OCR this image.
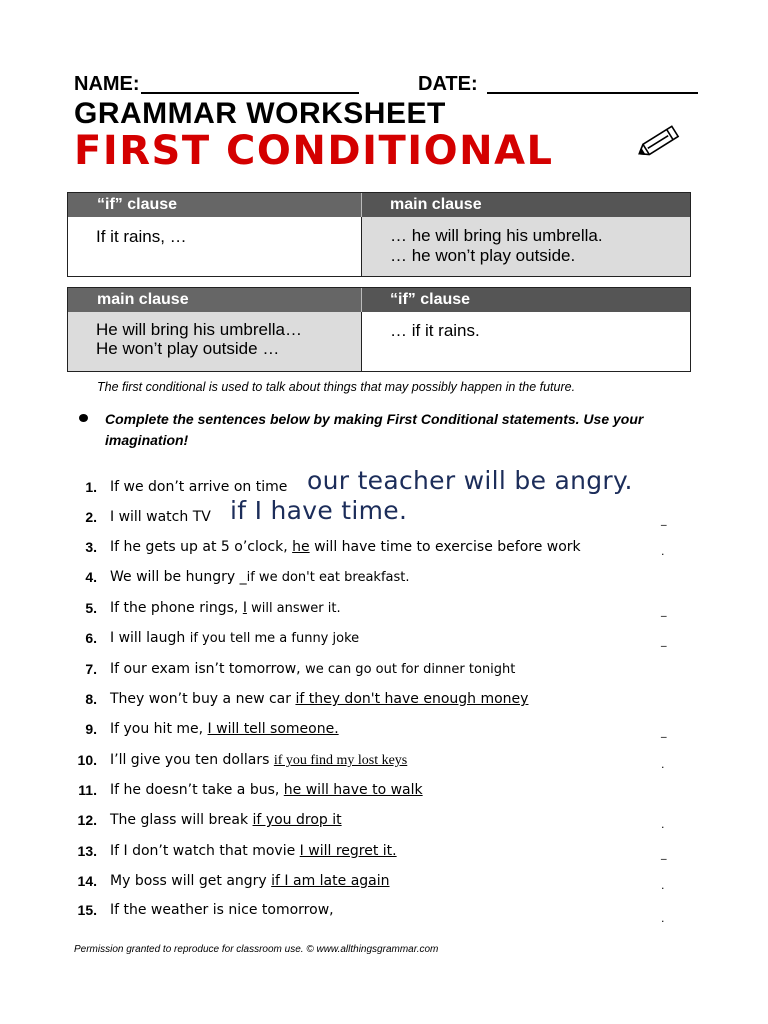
NAME:	DATE:
GRAMMAR WORKSHEET
FIRST CONDITIONAL
“if” clause	main clause
If it rains, …	… he will bring his umbrella.
… he won’t play outside.
main clause	“if” clause
He will bring his umbrella…
He won’t play outside …
… if it rains.
The first conditional is used to talk about things that may possibly happen in the future.
Complete the sentences below by making First Conditional statements. Use your imagination!
1. If we don’t arrive on time our teacher will be angry.
2. I will watch TV if I have time.	_
3. If he gets up at 5 o’clock, he will have time to exercise before work	.
4. We will be hungry _if we don't eat breakfast.
5. If the phone rings, I will answer it.	_
6. I will laugh if you tell me a funny joke	_
7. If our exam isn’t tomorrow, we can go out for dinner tonight
8. They won’t buy a new car if they don't have enough money
9. If you hit me, I will tell someone.	_
10. I’ll give you ten dollars if you find my lost keys	.
11. If he doesn’t take a bus, he will have to walk
12. The glass will break if you drop it	.
13. If I don’t watch that movie I will regret it.	_
14. My boss will get angry if I am late again	.
15. If the weather is nice tomorrow,
.
Permission granted to reproduce for classroom use. © www.allthingsgrammar.com
